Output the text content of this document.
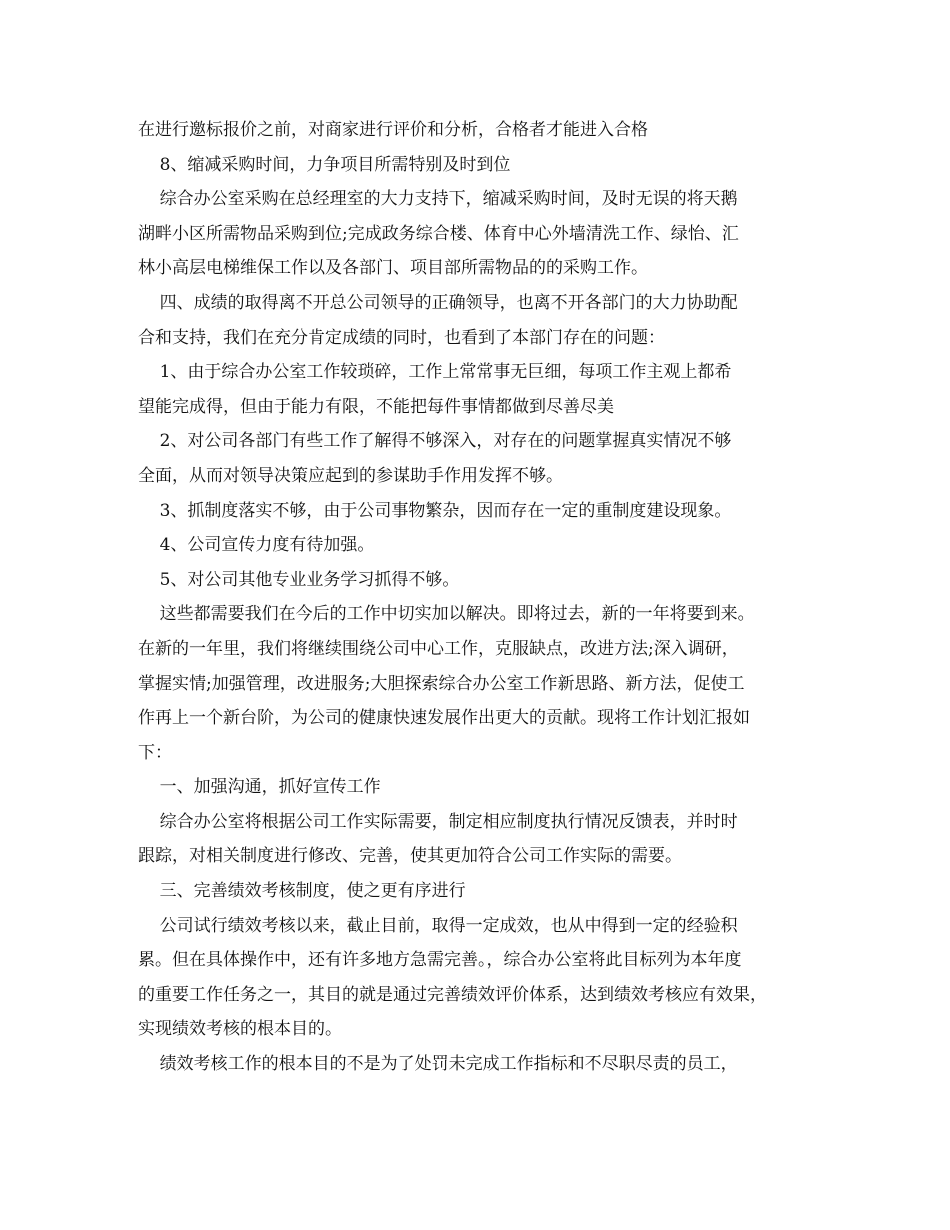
在进行邀标报价之前，对商家进行评价和分析，合格者才能进入合格
8、缩减采购时间，力争项目所需特别及时到位
综合办公室采购在总经理室的大力支持下，缩减采购时间，及时无误的将天鹅
湖畔小区所需物品采购到位;完成政务综合楼、体育中心外墙清洗工作、绿怡、汇
林小高层电梯维保工作以及各部门、项目部所需物品的的采购工作。
四、成绩的取得离不开总公司领导的正确领导，也离不开各部门的大力协助配
合和支持，我们在充分肯定成绩的同时，也看到了本部门存在的问题：
1、由于综合办公室工作较琐碎，工作上常常事无巨细，每项工作主观上都希
望能完成得，但由于能力有限，不能把每件事情都做到尽善尽美
2、对公司各部门有些工作了解得不够深入，对存在的问题掌握真实情况不够
全面，从而对领导决策应起到的参谋助手作用发挥不够。
3、抓制度落实不够，由于公司事物繁杂，因而存在一定的重制度建设现象。
4、公司宣传力度有待加强。
5、对公司其他专业业务学习抓得不够。
这些都需要我们在今后的工作中切实加以解决。即将过去，新的一年将要到来。
在新的一年里，我们将继续围绕公司中心工作，克服缺点，改进方法;深入调研，
掌握实情;加强管理，改进服务;大胆探索综合办公室工作新思路、新方法，促使工
作再上一个新台阶，为公司的健康快速发展作出更大的贡献。现将工作计划汇报如
下：
一、加强沟通，抓好宣传工作
综合办公室将根据公司工作实际需要，制定相应制度执行情况反馈表，并时时
跟踪，对相关制度进行修改、完善，使其更加符合公司工作实际的需要。
三、完善绩效考核制度，使之更有序进行
公司试行绩效考核以来，截止目前，取得一定成效，也从中得到一定的经验积
累。但在具体操作中，还有许多地方急需完善。，综合办公室将此目标列为本年度
的重要工作任务之一，其目的就是通过完善绩效评价体系，达到绩效考核应有效果，
实现绩效考核的根本目的。
绩效考核工作的根本目的不是为了处罚未完成工作指标和不尽职尽责的员工，
